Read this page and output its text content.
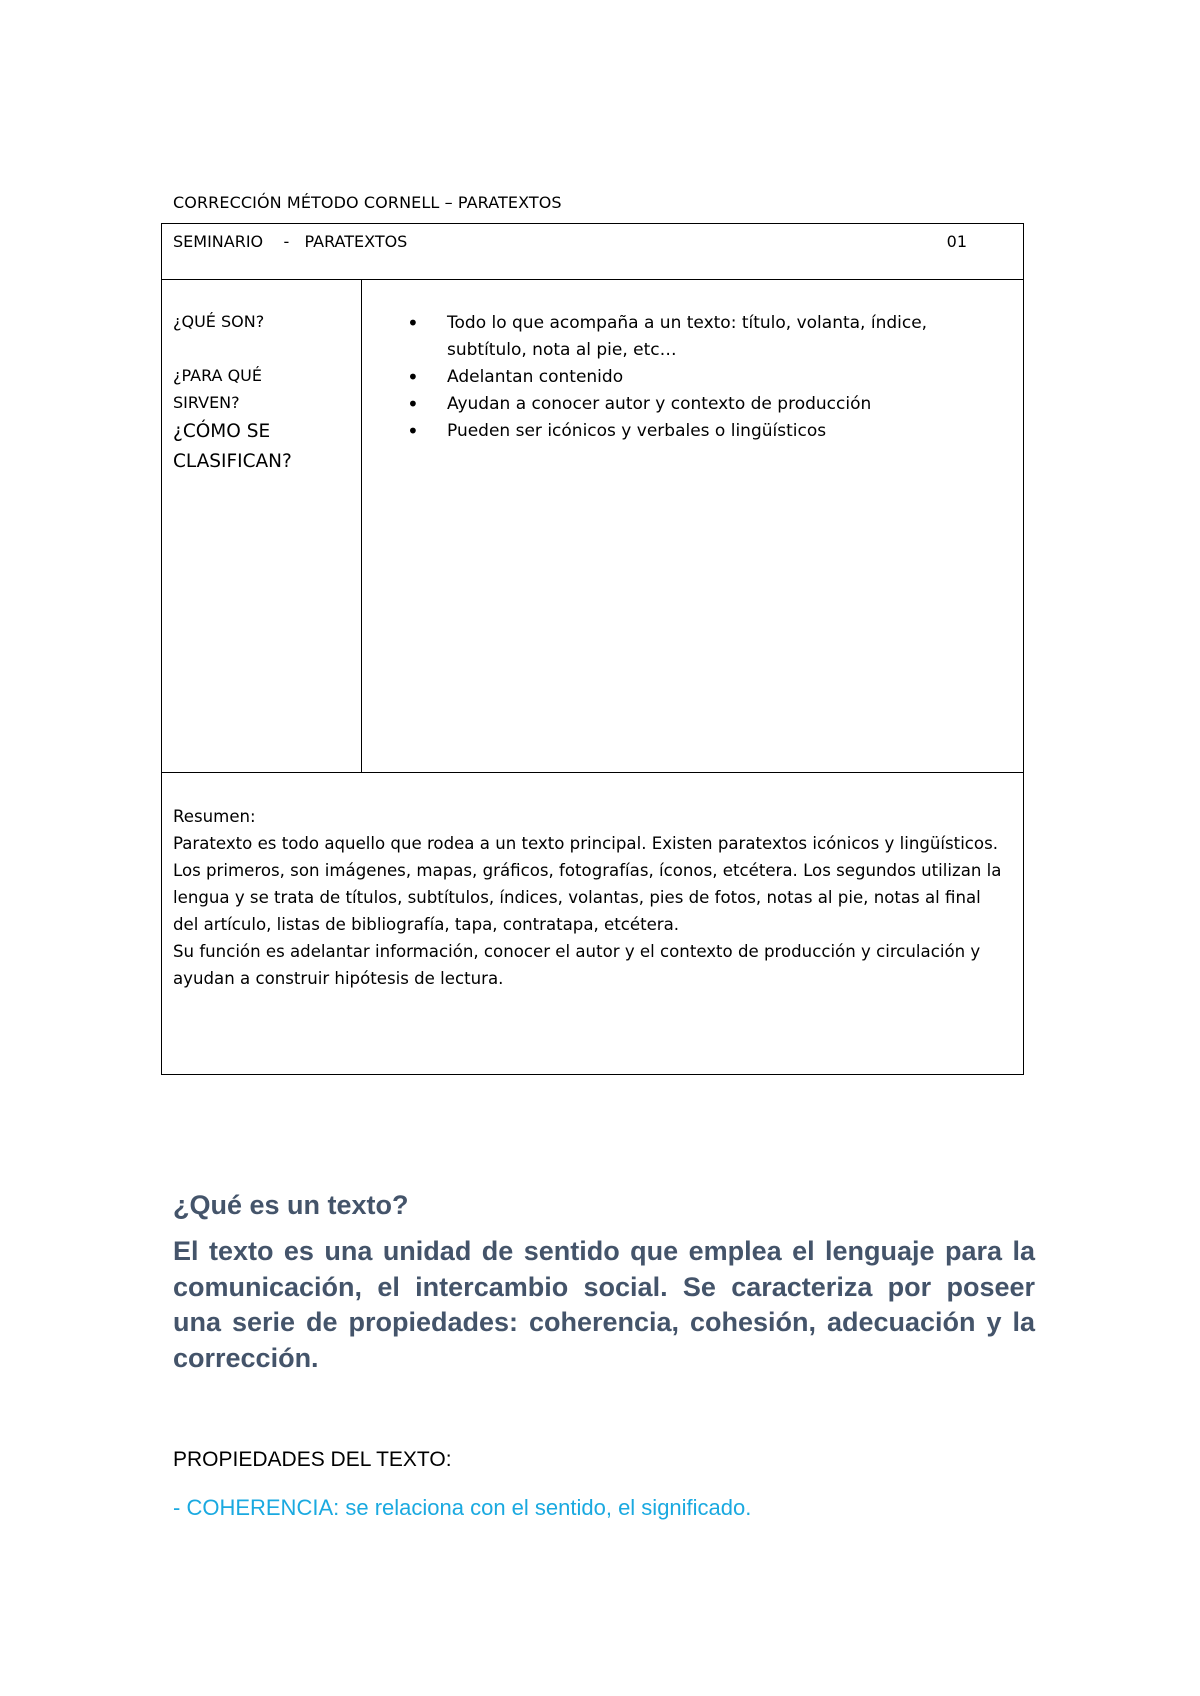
CORRECCIÓN MÉTODO CORNELL – PARATEXTOS
SEMINARIO    -   PARATEXTOS	01
¿QUÉ SON?
¿PARA QUÉ SIRVEN?
¿CÓMO SE CLASIFICAN?
• Todo lo que acompaña a un texto: título, volanta, índice, subtítulo, nota al pie, etc…
• Adelantan contenido
• Ayudan a conocer autor y contexto de producción
• Pueden ser icónicos y verbales o lingüísticos
Resumen:
Paratexto es todo aquello que rodea a un texto principal. Existen paratextos icónicos y lingüísticos. Los primeros, son imágenes, mapas, gráficos, fotografías, íconos, etcétera. Los segundos utilizan la lengua y se trata de títulos, subtítulos, índices, volantas, pies de fotos, notas al pie, notas al final del artículo, listas de bibliografía, tapa, contratapa, etcétera.
Su función es adelantar información, conocer el autor y el contexto de producción y circulación y ayudan a construir hipótesis de lectura.
¿Qué es un texto?

El texto es una unidad de sentido que emplea el lenguaje para la comunicación, el intercambio social. Se caracteriza por poseer una serie de propiedades: coherencia, cohesión, adecuación y la corrección.

PROPIEDADES DEL TEXTO:
- COHERENCIA: se relaciona con el sentido, el significado.
